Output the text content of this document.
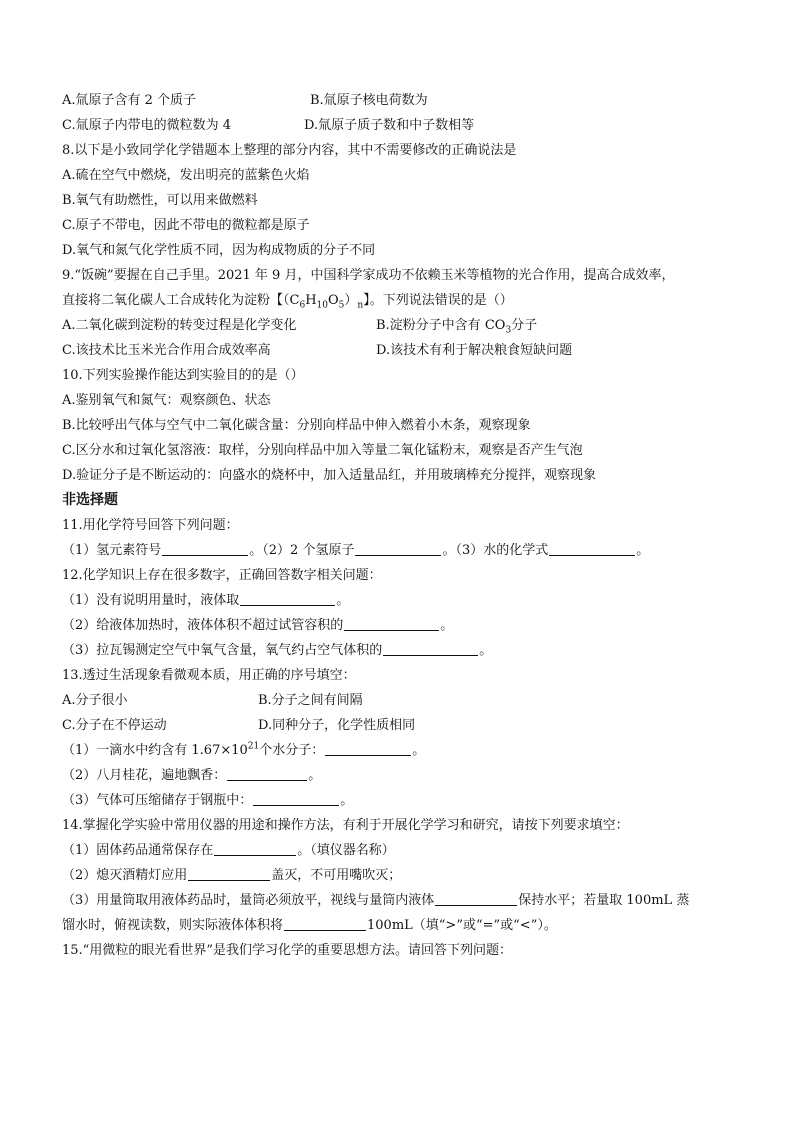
A.氚原子含有 2 个质子	B.氚原子核电荷数为
C.氚原子内带电的微粒数为 4	D.氚原子质子数和中子数相等
8.以下是小致同学化学错题本上整理的部分内容，其中不需要修改的正确说法是
A.硫在空气中燃烧，发出明亮的蓝紫色火焰
B.氧气有助燃性，可以用来做燃料
C.原子不带电，因此不带电的微粒都是原子
D.氧气和氮气化学性质不同，因为构成物质的分子不同
9.“饭碗”要握在自己手里。2021 年 9 月，中国科学家成功不依赖玉米等植物的光合作用，提高合成效率，
直接将二氧化碳人工合成转化为淀粉【$(C_6H_{10}O_5)_n$】。下列说法错误的是（）
A.二氧化碳到淀粉的转变过程是化学变化	B.淀粉分子中含有 $CO_3$分子
C.该技术比玉米光合作用合成效率高	D.该技术有利于解决粮食短缺问题
10.下列实验操作能达到实验目的的是（）
A.鉴别氧气和氮气：观察颜色、状态
B.比较呼出气体与空气中二氧化碳含量：分别向样品中伸入燃着小木条，观察现象
C.区分水和过氧化氢溶液：取样，分别向样品中加入等量二氧化锰粉末，观察是否产生气泡
D.验证分子是不断运动的：向盛水的烧杯中，加入适量品红，并用玻璃棒充分搅拌，观察现象
非选择题
11.用化学符号回答下列问题：
（1）氢元素符号	。（2）2 个氢原子	。（3）水的化学式	。
12.化学知识上存在很多数字，正确回答数字相关问题：
（1）没有说明用量时，液体取	。
（2）给液体加热时，液体体积不超过试管容积的	。
（3）拉瓦锡测定空气中氧气含量，氧气约占空气体积的	。
13.透过生活现象看微观本质，用正确的序号填空：
A.分子很小	B.分子之间有间隔
C.分子在不停运动	D.同种分子，化学性质相同
（1）一滴水中约含有 $1.67\times 10^{21}$个水分子：	。
（2）八月桂花，遍地飘香：	。
（3）气体可压缩储存于钢瓶中：	。
14.掌握化学实验中常用仪器的用途和操作方法，有利于开展化学学习和研究，请按下列要求填空：
（1）固体药品通常保存在	。（填仪器名称）
（2）熄灭酒精灯应用	盖灭，不可用嘴吹灭；
（3）用量筒取用液体药品时，量筒必须放平，视线与量筒内液体	保持水平；若量取 100mL 蒸
馏水时，俯视读数，则实际液体体积将	100mL（填“>”或“=”或“<”）。
15.“用微粒的眼光看世界”是我们学习化学的重要思想方法。请回答下列问题：
